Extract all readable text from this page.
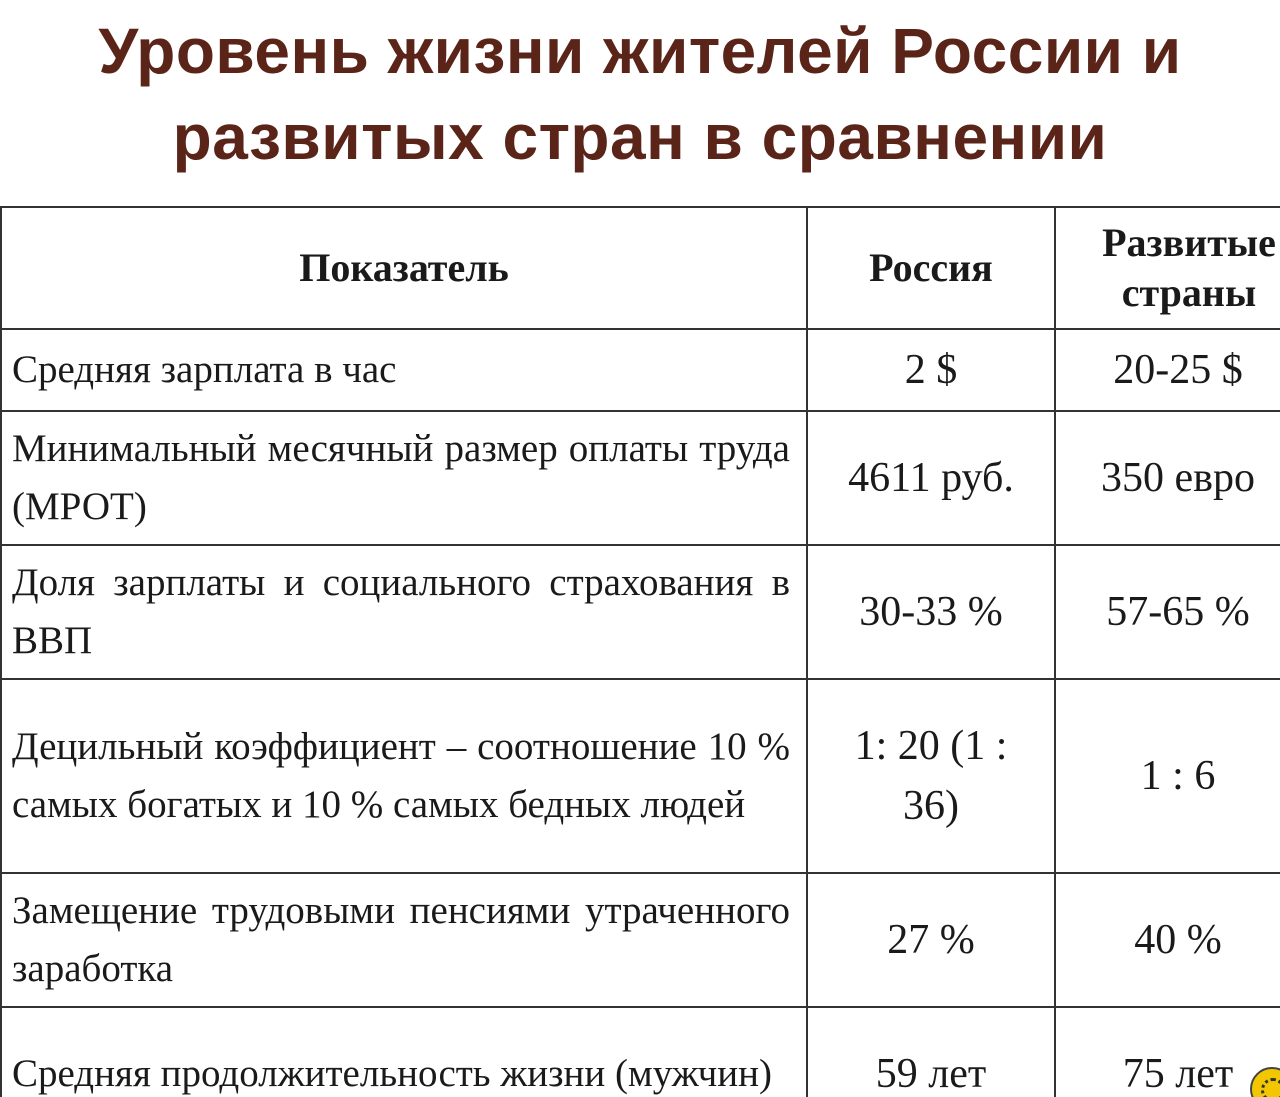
Уровень жизни жителей России и
развитых стран в сравнении
Показатель	Россия	Развитые страны

Средняя зарплата в час	2 $	20-25 $

Минимальный месячный размер оплаты труда (МРОТ)	4611 руб.	350 евро

Доля зарплаты и социального страхования в ВВП	30-33 %	57-65 %

Децильный коэффициент – соотношение 10 % самых богатых и 10 % самых бедных людей	1: 20 (1 : 36)	1 : 6

Замещение трудовыми пенсиями утраченного заработка	27 %	40 %

Средняя продолжительность жизни (мужчин)	59 лет	75 лет
